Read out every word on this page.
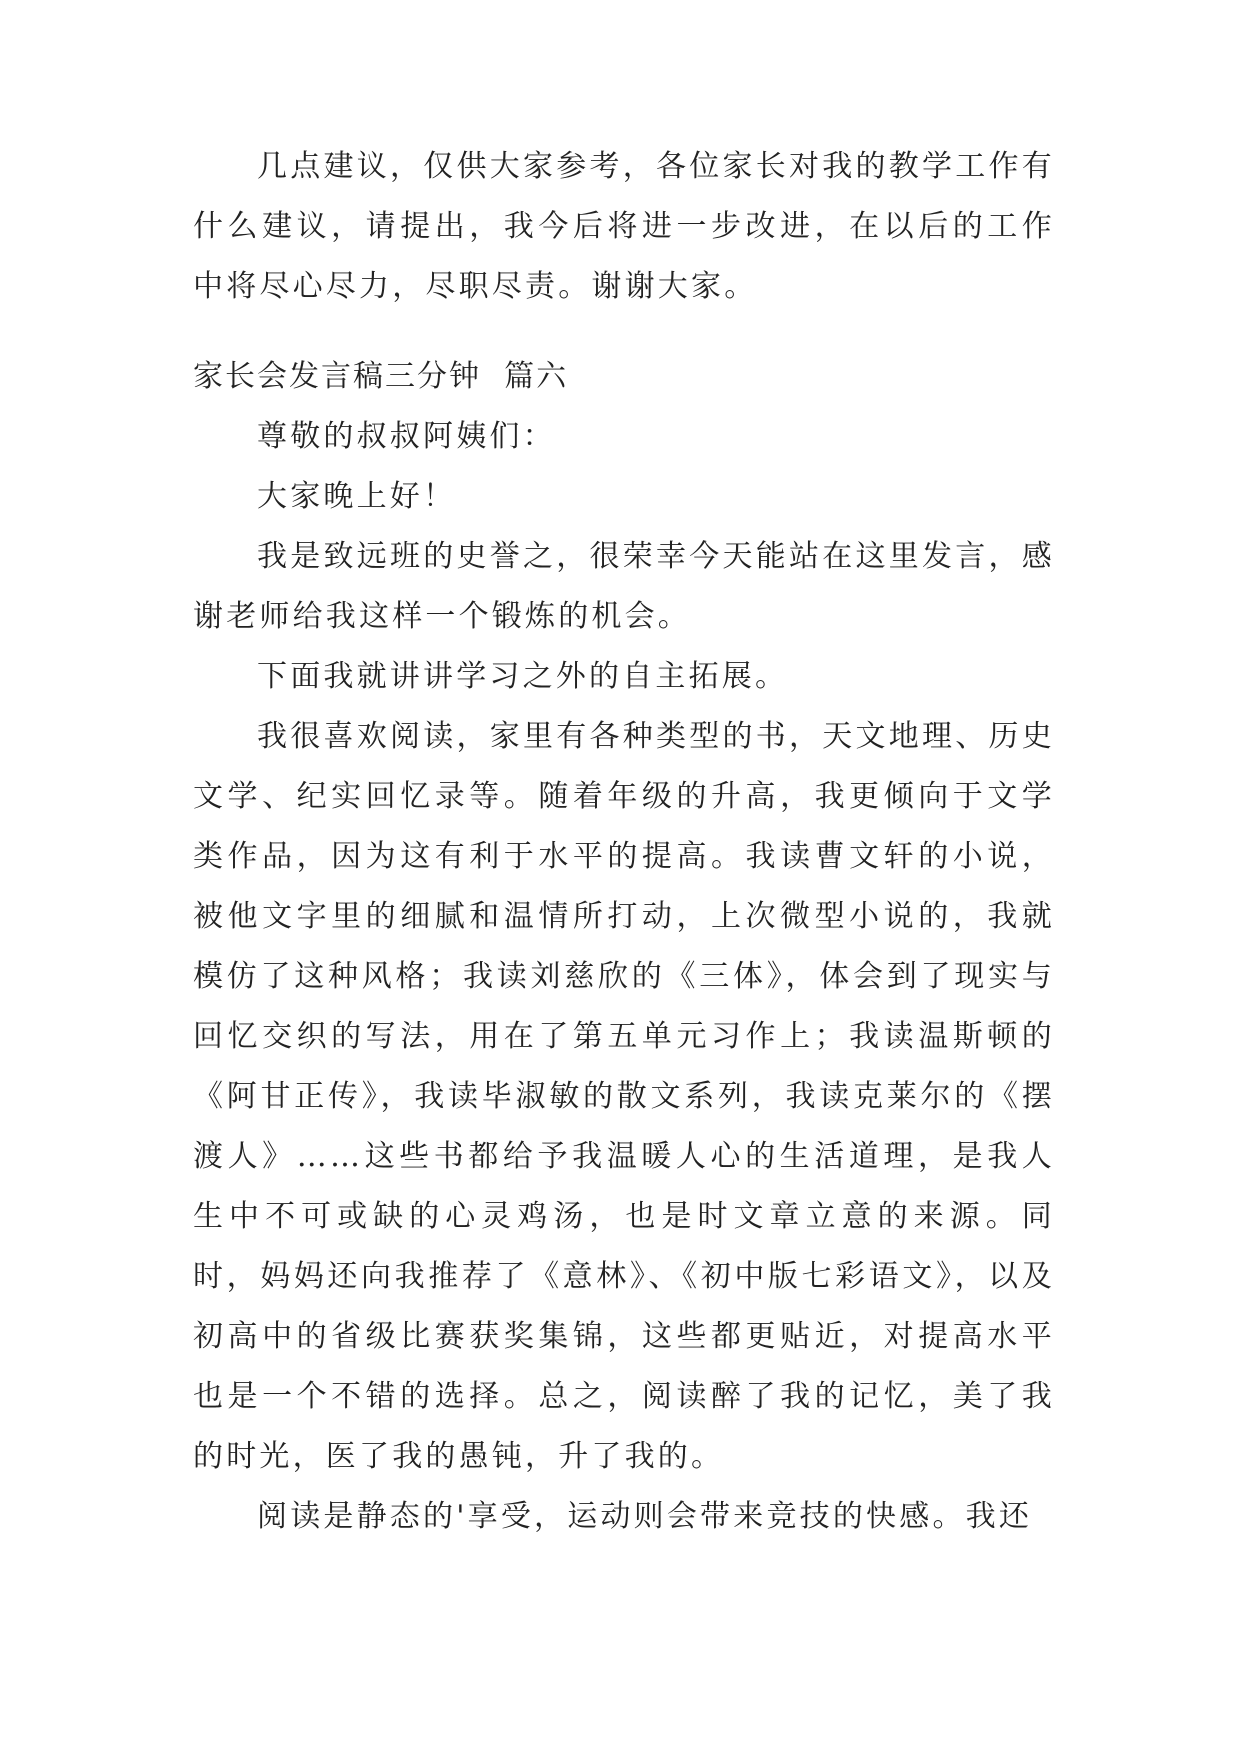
几点建议，仅供大家参考，各位家长对我的教学工作有什么建议，请提出，我今后将进一步改进，在以后的工作中将尽心尽力，尽职尽责。谢谢大家。

家长会发言稿三分钟  篇六

尊敬的叔叔阿姨们：

大家晚上好！

我是致远班的史誉之，很荣幸今天能站在这里发言，感谢老师给我这样一个锻炼的机会。

下面我就讲讲学习之外的自主拓展。

我很喜欢阅读，家里有各种类型的书，天文地理、历史文学、纪实回忆录等。随着年级的升高，我更倾向于文学类作品，因为这有利于水平的提高。我读曹文轩的小说，被他文字里的细腻和温情所打动，上次微型小说的，我就模仿了这种风格；我读刘慈欣的《三体》，体会到了现实与回忆交织的写法，用在了第五单元习作上；我读温斯顿的《阿甘正传》，我读毕淑敏的散文系列，我读克莱尔的《摆渡人》……这些书都给予我温暖人心的生活道理，是我人生中不可或缺的心灵鸡汤，也是时文章立意的来源。同时，妈妈还向我推荐了《意林》、《初中版七彩语文》，以及初高中的省级比赛获奖集锦，这些都更贴近，对提高水平也是一个不错的选择。总之，阅读醉了我的记忆，美了我的时光，医了我的愚钝，升了我的。

阅读是静态的'享受，运动则会带来竞技的快感。我还
